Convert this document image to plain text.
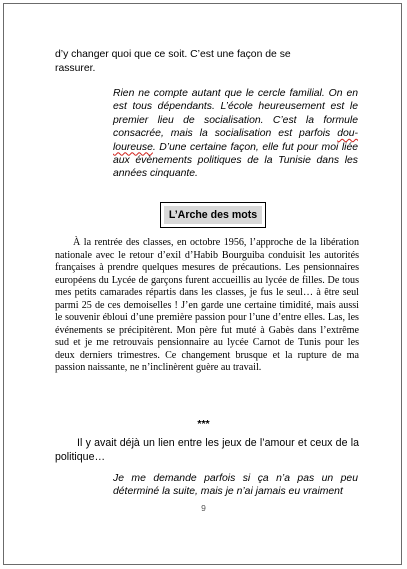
d’y changer quoi que ce soit. C’est une façon de se
rassurer.

Rien ne compte autant que le cercle familial. On en est tous dépendants. L’école heureusement est le premier lieu de socialisation. C’est la formule consacrée, mais la socialisation est parfois dou-loureuse. D’une certaine façon, elle fut pour moi liée aux évènements politiques de la Tunisie dans les années cinquante.

L’Arche des mots

À la rentrée des classes, en octobre 1956, l’approche de la libération nationale avec le retour d’exil d’Habib Bourguiba conduisit les autorités françaises à prendre quelques mesures de précautions. Les pensionnaires européens du Lycée de garçons furent accueillis au lycée de filles. De tous mes petits camarades répartis dans les classes, je fus le seul… à être seul parmi 25 de ces demoiselles ! J’en garde une certaine timidité, mais aussi le souvenir ébloui d’une première passion pour l’une d’entre elles. Las, les événements se précipitèrent. Mon père fut muté à Gabès dans l’extrême sud et je me retrouvais pensionnaire au lycée Carnot de Tunis pour les deux derniers trimestres. Ce changement brusque et la rupture de ma passion naissante, ne n’inclinèrent guère au travail.

***

Il y avait déjà un lien entre les jeux de l’amour et ceux de la politique…

Je me demande parfois si ça n’a pas un peu déterminé la suite, mais je n’ai jamais eu vraiment

9
